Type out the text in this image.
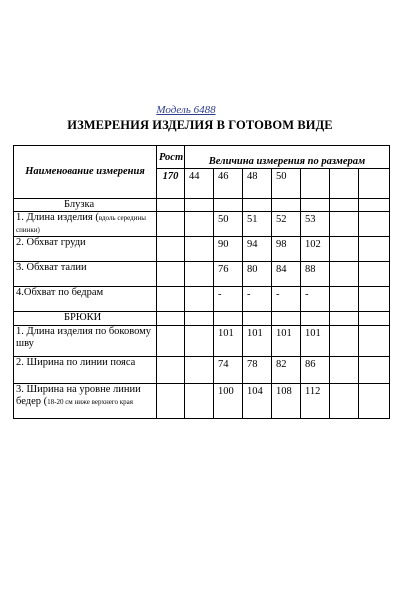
Модель 6488
ИЗМЕРЕНИЯ ИЗДЕЛИЯ В ГОТОВОМ ВИДЕ
Наименование измерения	Рост	Величина измерения по размерам						
	170	44	46	48	50			
Блузка								
1. Длина изделия (вдоль середины спинки)			50	51	52	53		
2. Обхват груди			90	94	98	102		
3. Обхват талии			76	80	84	88		
4.Обхват по бедрам			-	-	-	-		
БРЮКИ								
1. Длина изделия по боковому шву			101	101	101	101		
2. Ширина по линии пояса			74	78	82	86		
3. Ширина на уровне линии бедер (18-20 см ниже верхнего края			100	104	108	112		
